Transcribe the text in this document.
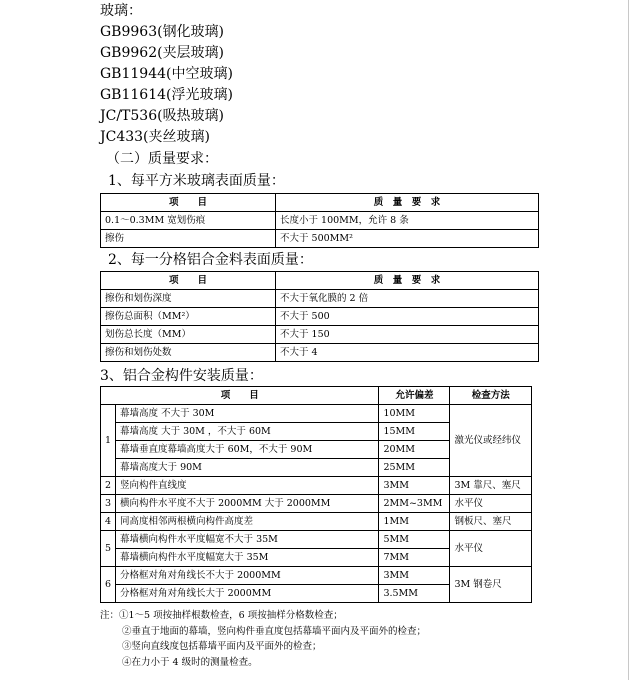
玻璃：
GB9963(钢化玻璃)
GB9962(夹层玻璃)
GB11944(中空玻璃)
GB11614(浮光玻璃)
JC/T536(吸热玻璃)
JC433(夹丝玻璃)
（二）质量要求：
1、每平方米玻璃表面质量：
项　　目	质　量　要　求
0.1～0.3MM 宽划伤痕	长度小于 100MM，允许 8 条
擦伤	不大于 500MM²
2、每一分格铝合金料表面质量：
项　　目	质　量　要　求
擦伤和划伤深度	不大于氧化膜的 2 倍
擦伤总面积（MM²）	不大于 500
划伤总长度（MM）	不大于 150
擦伤和划伤处数	不大于 4
3、铝合金构件安装质量：
项　　目		允许偏差	检查方法
1	幕墙高度 不大于 30M	10MM	激光仪或经纬仪
	幕墙高度 大于 30M ，不大于 60M	15MM	
	幕墙垂直度幕墙高度大于 60M，不大于 90M	20MM	
	幕墙高度大于 90M	25MM	
2	竖向构件直线度	3MM	3M 靠尺、塞尺
3	横向构件水平度不大于 2000MM 大于 2000MM	2MM~3MM	水平仪
4	同高度相邻两根横向构件高度差	1MM	钢板尺、塞尺
5	幕墙横向构件水平度幅宽不大于 35M	5MM	水平仪
	幕墙横向构件水平度幅宽大于 35M	7MM	
6	分格框对角对角线长不大于 2000MM	3MM	3M 钢卷尺
	分格框对角对角线长大于 2000MM	3.5MM	
注：①1～5 项按抽样根数检查，6 项按抽样分格数检查；
②垂直于地面的幕墙，竖向构件垂直度包括幕墙平面内及平面外的检查；
③竖向直线度包括幕墙平面内及平面外的检查；
④在力小于 4 级时的测量检查。
